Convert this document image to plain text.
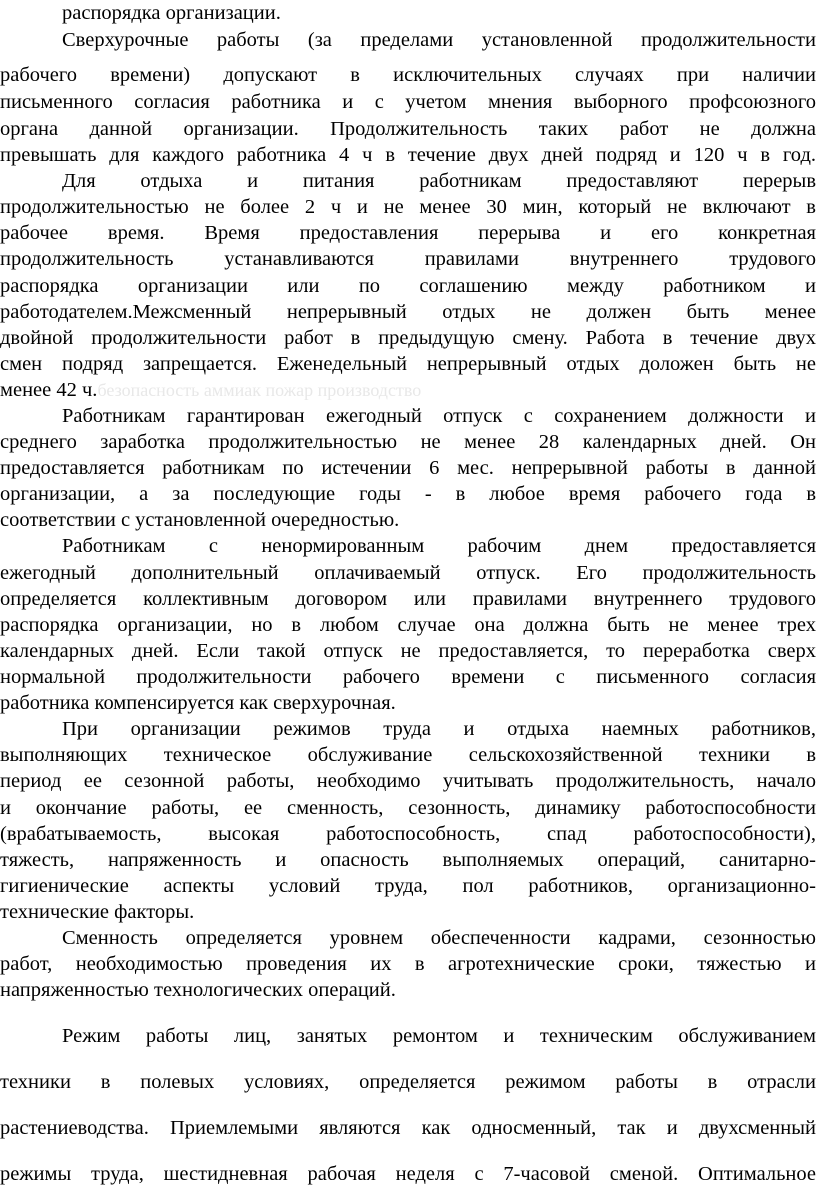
распорядка организации.

Сверхурочные работы (за пределами установленной продолжительности

рабочего времени) допускают в исключительных случаях при наличии

письменного согласия работника и с учетом мнения выборного профсоюзного

органа данной организации. Продолжительность таких работ не должна

превышать для каждого работника 4 ч в течение двух дней подряд и 120 ч в год.

Для отдыха и питания работникам предоставляют перерыв

продолжительностью не более 2 ч и не менее 30 мин, который не включают в

рабочее время. Время предоставления перерыва и его конкретная

продолжительность устанавливаются правилами внутреннего трудового

распорядка организации или по соглашению между работником и

работодателем.Межсменный непрерывный отдых не должен быть менее

двойной продолжительности работ в предыдущую смену. Работа в течение двух

смен подряд запрещается. Еженедельный непрерывный отдых доложен быть не

менее 42 ч.безопасность аммиак пожар производство

Работникам гарантирован ежегодный отпуск с сохранением должности и

среднего заработка продолжительностью не менее 28 календарных дней. Он

предоставляется работникам по истечении 6 мес. непрерывной работы в данной

организации, а за последующие годы - в любое время рабочего года в

соответствии с установленной очередностью.

Работникам с ненормированным рабочим днем предоставляется

ежегодный дополнительный оплачиваемый отпуск. Его продолжительность

определяется коллективным договором или правилами внутреннего трудового

распорядка организации, но в любом случае она должна быть не менее трех

календарных дней. Если такой отпуск не предоставляется, то переработка сверх

нормальной продолжительности рабочего времени с письменного согласия

работника компенсируется как сверхурочная.

При организации режимов труда и отдыха наемных работников,

выполняющих техническое обслуживание сельскохозяйственной техники в

период ее сезонной работы, необходимо учитывать продолжительность, начало

и окончание работы, ее сменность, сезонность, динамику работоспособности

(врабатываемость, высокая работоспособность, спад работоспособности),

тяжесть, напряженность и опасность выполняемых операций, санитарно-

гигиенические аспекты условий труда, пол работников, организационно-

технические факторы.

Сменность определяется уровнем обеспеченности кадрами, сезонностью

работ, необходимостью проведения их в агротехнические сроки, тяжестью и

напряженностью технологических операций.

Режим работы лиц, занятых ремонтом и техническим обслуживанием

техники в полевых условиях, определяется режимом работы в отрасли

растениеводства. Приемлемыми являются как односменный, так и двухсменный

режимы труда, шестидневная рабочая неделя с 7-часовой сменой. Оптимальное
